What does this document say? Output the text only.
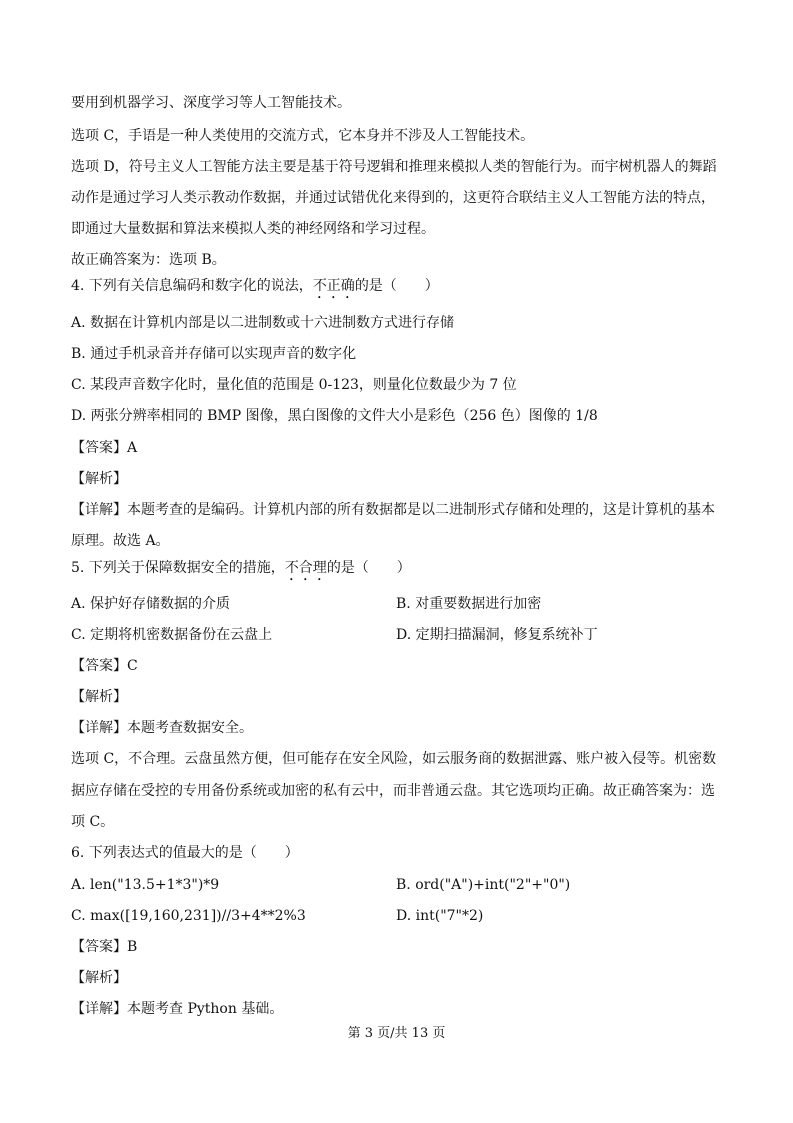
要用到机器学习、深度学习等人工智能技术。
选项 C，手语是一种人类使用的交流方式，它本身并不涉及人工智能技术。
选项 D，符号主义人工智能方法主要是基于符号逻辑和推理来模拟人类的智能行为。而宇树机器人的舞蹈
动作是通过学习人类示教动作数据，并通过试错优化来得到的，这更符合联结主义人工智能方法的特点，
即通过大量数据和算法来模拟人类的神经网络和学习过程。
故正确答案为：选项 B。
4. 下列有关信息编码和数字化的说法，不正确的是（　　）
A. 数据在计算机内部是以二进制数或十六进制数方式进行存储
B. 通过手机录音并存储可以实现声音的数字化
C. 某段声音数字化时，量化值的范围是 0-123，则量化位数最少为 7 位
D. 两张分辨率相同的 BMP 图像，黑白图像的文件大小是彩色（256 色）图像的 1/8
【答案】A
【解析】
【详解】本题考查的是编码。计算机内部的所有数据都是以二进制形式存储和处理的，这是计算机的基本
原理。故选 A。
5. 下列关于保障数据安全的措施，不合理的是（　　）
A. 保护好存储数据的介质	B. 对重要数据进行加密
C. 定期将机密数据备份在云盘上	D. 定期扫描漏洞，修复系统补丁
【答案】C
【解析】
【详解】本题考查数据安全。
选项 C，不合理。云盘虽然方便，但可能存在安全风险，如云服务商的数据泄露、账户被入侵等。机密数
据应存储在受控的专用备份系统或加密的私有云中，而非普通云盘。其它选项均正确。故正确答案为：选
项 C。
6. 下列表达式的值最大的是（　　）
A. len("13.5+1*3")*9	B. ord("A")+int("2"+"0")
C. max([19,160,231])//3+4**2%3	D. int("7"*2)
【答案】B
【解析】
【详解】本题考查 Python 基础。
第 3 页/共 13 页
